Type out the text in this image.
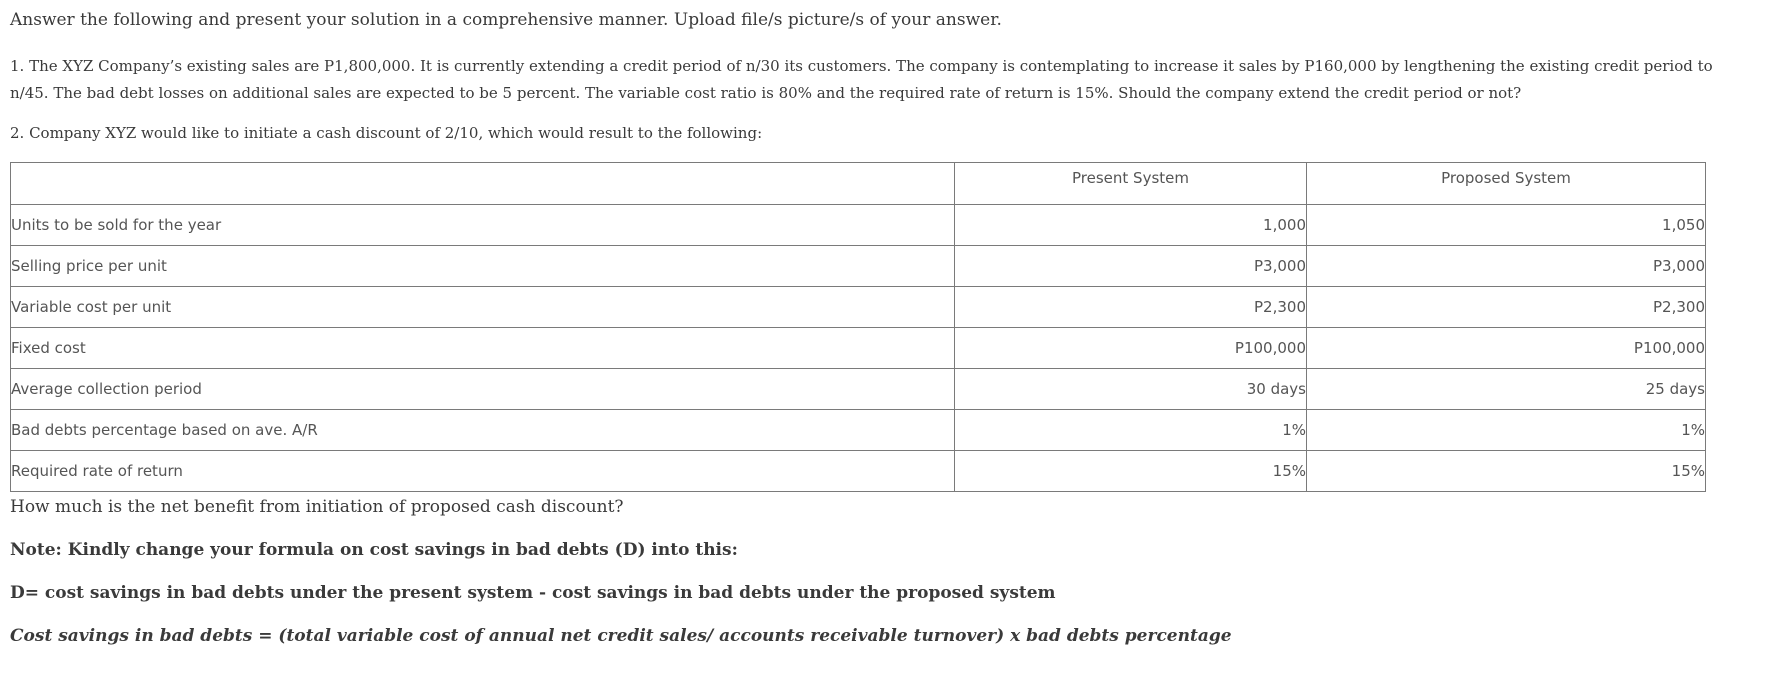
Answer the following and present your solution in a comprehensive manner. Upload file/s picture/s of your answer.
1. The XYZ Company’s existing sales are P1,800,000. It is currently extending a credit period of n/30 its customers. The company is contemplating to increase it sales by P160,000 by lengthening the existing credit period to n/45. The bad debt losses on additional sales are expected to be 5 percent. The variable cost ratio is 80% and the required rate of return is 15%. Should the company extend the credit period or not?
2. Company XYZ would like to initiate a cash discount of 2/10, which would result to the following:
	Present System	Proposed System
Units to be sold for the year	1,000	1,050
Selling price per unit	P3,000	P3,000
Variable cost per unit	P2,300	P2,300
Fixed cost	P100,000	P100,000
Average collection period	30 days	25 days
Bad debts percentage based on ave. A/R	1%	1%
Required rate of return	15%	15%
How much is the net benefit from initiation of proposed cash discount?
Note: Kindly change your formula on cost savings in bad debts (D) into this:
D= cost savings in bad debts under the present system - cost savings in bad debts under the proposed system
Cost savings in bad debts = (total variable cost of annual net credit sales/ accounts receivable turnover) x bad debts percentage
